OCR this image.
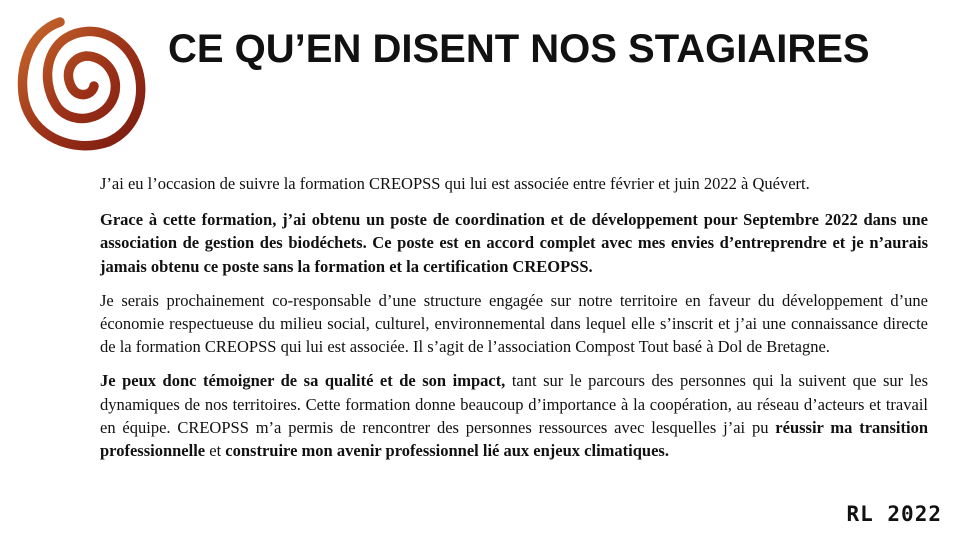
CE QU’EN DISENT NOS STAGIAIRES

J’ai eu l’occasion de suivre la formation CREOPSS qui lui est associée entre février et juin 2022 à Quévert.

Grace à cette formation, j’ai obtenu un poste de coordination et de développement pour Septembre 2022 dans une association de gestion des biodéchets. Ce poste est en accord complet avec mes envies d’entreprendre et je n’aurais jamais obtenu ce poste sans la formation et la certification CREOPSS.

Je serais prochainement co-responsable d’une structure engagée sur notre territoire en faveur du développement d’une économie respectueuse du milieu social, culturel, environnemental dans lequel elle s’inscrit et j’ai une connaissance directe de la formation CREOPSS qui lui est associée. Il s’agit de l’association Compost Tout basé à Dol de Bretagne.

Je peux donc témoigner de sa qualité et de son impact, tant sur le parcours des personnes qui la suivent que sur les dynamiques de nos territoires. Cette formation donne beaucoup d’importance à la coopération, au réseau d’acteurs et travail en équipe. CREOPSS m’a permis de rencontrer des personnes ressources avec lesquelles j’ai pu réussir ma transition professionnelle et construire mon avenir professionnel lié aux enjeux climatiques.

RL 2022
